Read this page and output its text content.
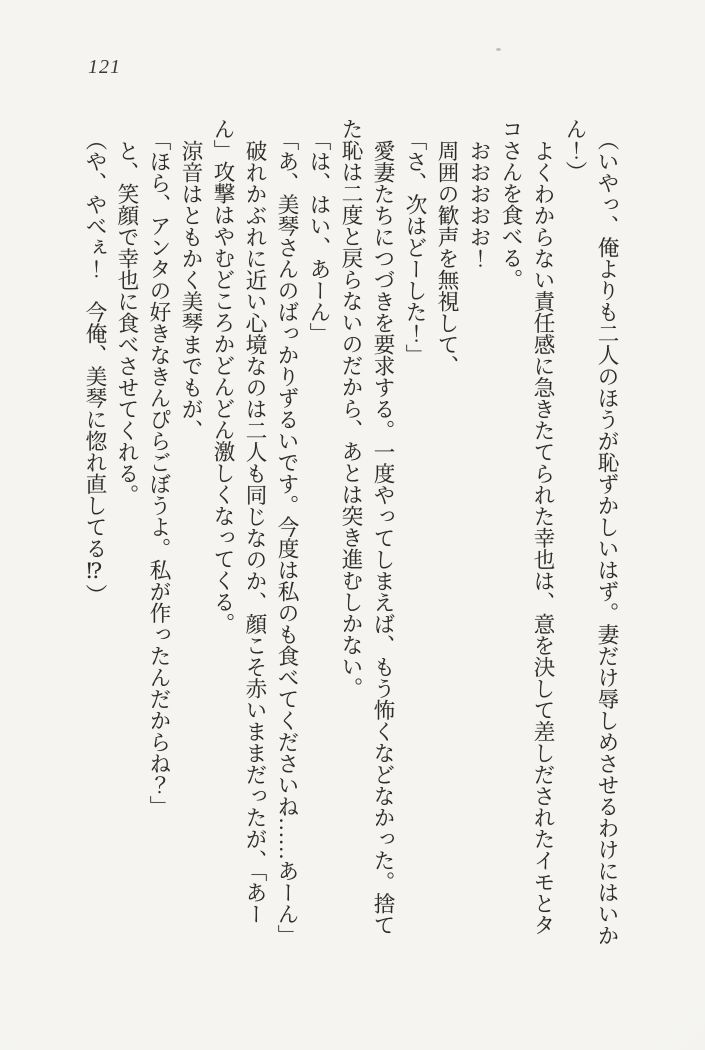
121
（いやっ、俺よりも二人のほうが恥ずかしいはず。妻だけ辱しめさせるわけにはいか
ん！）
よくわからない責任感に急きたてられた幸也は、意を決して差しだされたイモとタ
コさんを食べる。
おおおおお！
周囲の歓声を無視して、
「さ、次はどーした！」
愛妻たちにつづきを要求する。一度やってしまえば、もう怖くなどなかった。捨て
た恥は二度と戻らないのだから、あとは突き進むしかない。
「は、はい、あーん」
「あ、美琴さんのばっかりずるいです。今度は私のも食べてくださいね……あーん」
破れかぶれに近い心境なのは二人も同じなのか、顔こそ赤いままだったが、「あー
ん」攻撃はやむどころかどんどん激しくなってくる。
涼音はともかく美琴までもが、
「ほら、アンタの好きなきんぴらごぼうよ。私が作ったんだからね？」
と、笑顔で幸也に食べさせてくれる。
（や、やべぇ！　今俺、美琴に惚れ直してる⁉）
